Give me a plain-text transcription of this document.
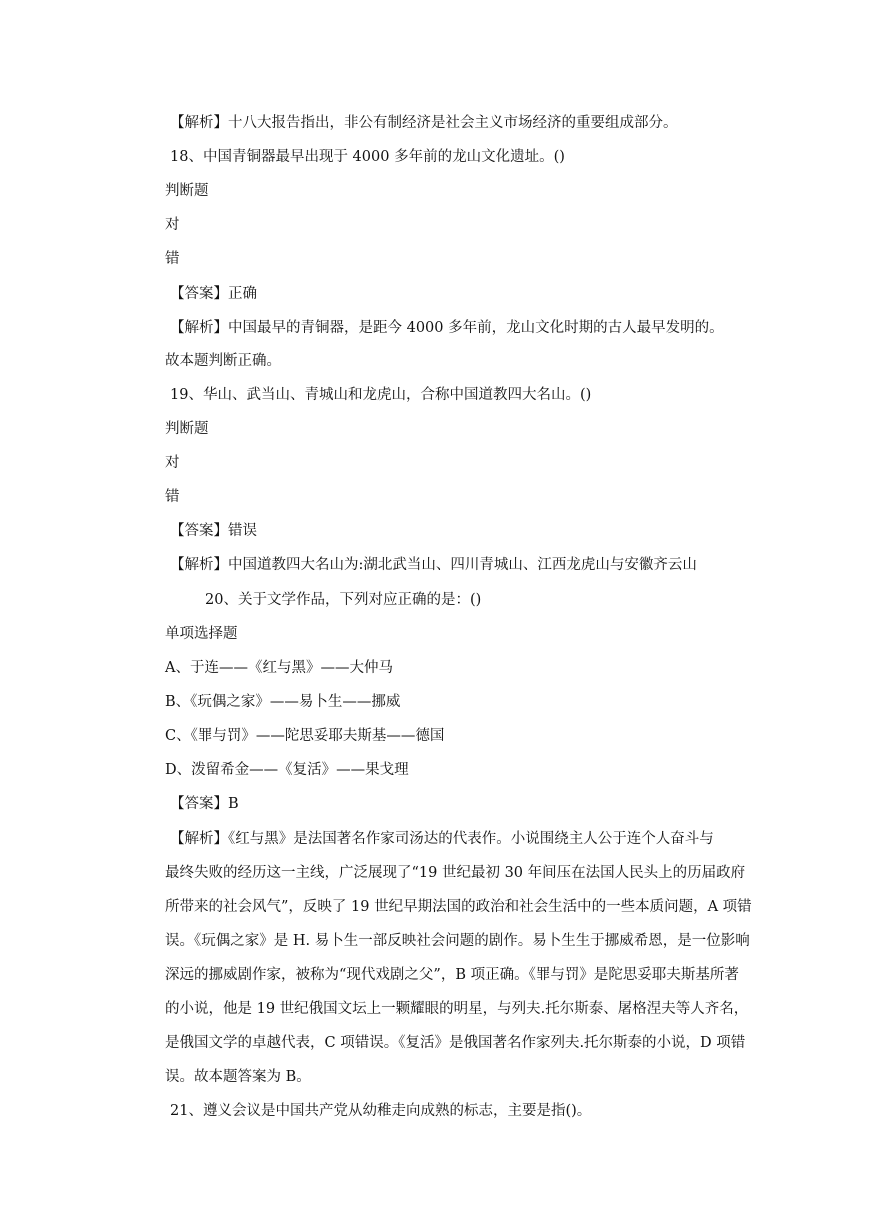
【解析】十八大报告指出，非公有制经济是社会主义市场经济的重要组成部分。
18、中国青铜器最早出现于 4000 多年前的龙山文化遗址。()
判断题
对
错
【答案】正确
【解析】中国最早的青铜器，是距今 4000 多年前，龙山文化时期的古人最早发明的。
故本题判断正确。
19、华山、武当山、青城山和龙虎山，合称中国道教四大名山。()
判断题
对
错
【答案】错误
【解析】中国道教四大名山为:湖北武当山、四川青城山、江西龙虎山与安徽齐云山
20、关于文学作品，下列对应正确的是：()
单项选择题
A、于连——《红与黑》——大仲马
B、《玩偶之家》——易卜生——挪威
C、《罪与罚》——陀思妥耶夫斯基——德国
D、泼留希金——《复活》——果戈理
【答案】B
【解析】《红与黑》是法国著名作家司汤达的代表作。小说围绕主人公于连个人奋斗与
最终失败的经历这一主线，广泛展现了“19 世纪最初 30 年间压在法国人民头上的历届政府
所带来的社会风气”，反映了 19 世纪早期法国的政治和社会生活中的一些本质问题，A 项错
误。《玩偶之家》是 H. 易卜生一部反映社会问题的剧作。易卜生生于挪威希恩，是一位影响
深远的挪威剧作家，被称为“现代戏剧之父”，B 项正确。《罪与罚》是陀思妥耶夫斯基所著
的小说，他是 19 世纪俄国文坛上一颗耀眼的明星，与列夫.托尔斯泰、屠格涅夫等人齐名，
是俄国文学的卓越代表，C 项错误。《复活》是俄国著名作家列夫.托尔斯泰的小说，D 项错
误。故本题答案为 B。
21、遵义会议是中国共产党从幼稚走向成熟的标志，主要是指()。
